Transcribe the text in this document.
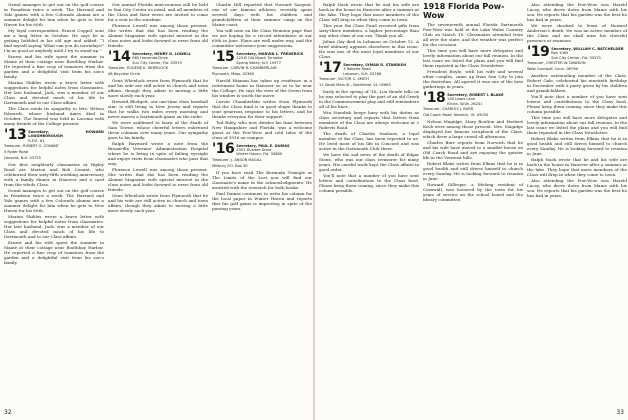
Oswal manages to get out on the golf course in Pasadena twice a week. The Harvard and Yale games with a few Colorado alumni are a summer delight for him when he gets to New Haven for his 60th.

My loyal correspondent, Ernest Coppel, sent me a long letter in October. He says he is getting hobbled in his old age and added: “I find myself saying 'What can you do nowadays?' I'm as good as anybody until I try to stand up.”

Ernest and his wife spent the summer in Maine at their cottage near Boothbay Harbor. He reported a fine crop of tomatoes from the garden and a delightful visit from his son's family.

Marian Shibles wrote a brave letter with suggestions for helpful notes from classmates. Her late husband, Jack, was a member of our Class and devoted much of his life to Dartmouth and to our Class affairs.

The Class sends its sympathy to Mrs. Wilson Edwards, whose husband Ames died in October. The funeral was held in Laconia with many friends of the College present.

'13 Secretary, HOWARD LOUGHBOROUGH
R.F.D. #1

Treasurer, ROBERT O. CONANT

5 Ryder Road

Harvard, N.H. 03755

Our first neighborly classmates at Ripley Road are Marion and Bob Conant, who celebrated their sixty-fifth wedding anniversary with a family dinner in Hanover and a card from the whole Class.

Oswal manages to get out on the golf course in Pasadena twice a week. The Harvard and Yale games with a few Colorado alumni are a summer delight for him when he gets to New Haven for his 60th.

Marian Shibles wrote a brave letter with suggestions for helpful notes from classmates. Her late husband, Jack, was a member of our Class and devoted much of his life to Dartmouth and to our Class affairs.

Ernest and his wife spent the summer in Maine at their cottage near Boothbay Harbor. He reported a fine crop of tomatoes from the garden and a delightful visit from his son's family.

Our annual Florida mini-reunion will be held in Sun City Center as usual, and all members of the Class and their wives are invited to come for a visit in the sunshine.

Florence Lowell was among those present. She writes that she has been reading the Alumni Magazine with special interest in the class notes and looks forward to news from old friends.

'14 Secretary, HENRY G. LOWELL
965 Hacienda Drive
Sun City Center, Fla. 33570

Treasurer, EUGENE K. WHEELOCK

48 Bayview Circle

Gene Wheelock wrote from Plymouth that he and his wife are still active in church and town affairs, though they admit to moving a little more slowly each year.

Howard Blodgett, our one-time class baseball star, is still living in New Jersey and reports that he walks two miles every morning and never misses a Dartmouth game on the radio.

We were saddened to learn of the death of Sam Towne, whose cheerful letters enlivened these columns over many years. Our sympathy goes to his family.

Ralph Hayward wrote a note from the Bronxville Veterans' Administration Hospital where he is living in spite of failing eyesight and enjoys visits from classmates who pass that way.

Florence Lowell was among those present. She writes that she has been reading the Alumni Magazine with special interest in the class notes and looks forward to news from old friends.

Gene Wheelock wrote from Plymouth that he and his wife are still active in church and town affairs, though they admit to moving a little more slowly each year.

Charlie Hill reported that Howard Sargent, one of our famous athletes, recently spent several days with his children and grandchildren at their summer camp on the Maine coast.

You will note on the Class Reunion page that we are hoping for a record attendance at our 65th in June. Plans are well under way, and the committee welcomes your suggestions.

'15 Secretary, MARVIN L. FREDERICK
224-B Old Nyack Turnpike
Spring Valley, N.Y. 10977

Treasurer, CARVIN R. CHAMBERLAIN

Plymouth, Mass. 02360

Harold Hinman has taken up residence in a retirement home in Hanover so as to be near the College. He says the view of the Green from his window is worth the move.

Carvin Chamberlain writes from Plymouth that the Class fund is in good shape thanks to your generous response to his letters, and he thanks everyone for their support.

Ted Riley, who now divides his time between New Hampshire and Florida, was a welcome guest at the Pow-Wow and told tales of the class of 1916 on campus.

'16 Secretary, PAUL E. DUMAS
2001 Dundee Drive
Winter Haven, Fla. 33880

Treasurer, J. ANSON MAGILL

Millbury P.O. Box 30

If you have read The Bermuda Triangle or The Limits of the Lost you will find our classmate's name in the acknowledgments. He assisted with the research for both books.

Paul Dumas continues to write his column for the local paper in Winter Haven and reports that his golf game is improving in spite of the passing years.

32

Ralph Nash wrote that he and his wife are back in the house in Hanover after a summer at the lake. They hope that more members of the Class will drop in when they come to town.

This year the Class Fund received gifts from sixty-three members, a higher percentage than any other class of our era. Thank you all.

Julian Gay died in Lebanon on October 12. A brief obituary appears elsewhere in this issue. He was one of the most loyal members of our Class.

'17 Secretary, LYMAN R. STANDISH
3 Roberts Road
Lebanon, N.H. 03766

Treasurer, VICTOR C. SMITH

11 South Main St., Northfield, Vt. 05663

Early in the spring of '16, Lou Rende tells us he was selected to play the part of an old Greek in the Commencement play and still remembers all of his lines.

Win Standish keeps busy with his duties as class secretary and reports that letters from members of the Class are always welcome at 3 Roberts Road.

The death of Charles Sanborn, a loyal member of the Class, has been reported to us. He lived most of his life in Concord and was active in the Dartmouth Club there.

We have the sad news of the death of Edgar Stone, who was our class treasurer for many years. His careful work kept the Class affairs in good order.

You'll note that a number of you have sent letters and contributions to the Class fund. Please keep them coming, since they make this column possible.

1918 Florida Pow-Wow

The seventeenth annual Florida Dartmouth Pow-Wow was held at the Lake Wales Country Club on March 19. Classmates attended from all over the state, and the weather was perfect for the occasion.

This time you will have more delegates and lovely information about our fall reunion. In the last issue we listed the plans and you will find them repeated in the Class Newsletter.

President Boyle, with his wife and several other couples, came up from Sun City to join the festivities. All agreed it was one of the best gatherings in years.

'18 Secretary, ROBERT I. BLAKE
200 Lowis Lane
Elkins, W.Va. 26241

Treasurer, CHARLES J. BURR

Old Coach Road, Norwich, Vt. 05055

Nelson Magidge, Mary Boulton and Herbert Kesh were among those present. Mrs. Magidge displayed her famous scrapbook of the Class, which drew a large crowd all afternoon.

Charles Burr reports from Norwich that he and his wife have moved to a smaller house on Old Coach Road and are enjoying the quieter life in the Vermont hills.

Robert Blake writes from Elkins that he is in good health and still drives himself to church every Sunday. He is looking forward to reunion in June.

Howard Gillespie, a lifelong resident of Cornwall, was honored by the town for his years of service on the school board and the library committee.

Also attending the Pow-Wow was Harold Lacey, who drove down from Maine with his son. He reports that his garden was the best he has had in years.

We were shocked to learn of Howard Anderson's death. He was an active member of the Class and we shall miss his cheerful presence at reunions.

'19 Secretary, WILLIAM C. BATCHELDER
Box 1065
Sun City Center, Fla. 33570

Treasurer, CHESTER W. DAWSON

West Cornwall, Conn. 06796

Another outstanding member of the Class, Robert Gale, celebrated his ninetieth birthday in December with a party given by his children and grandchildren.

You'll note that a number of you have sent letters and contributions to the Class fund. Please keep them coming, since they make this column possible.

This time you will have more delegates and lovely information about our fall reunion. In the last issue we listed the plans and you will find them repeated in the Class Newsletter.

Robert Blake writes from Elkins that he is in good health and still drives himself to church every Sunday. He is looking forward to reunion in June.

Ralph Nash wrote that he and his wife are back in the house in Hanover after a summer at the lake. They hope that more members of the Class will drop in when they come to town.

Also attending the Pow-Wow was Harold Lacey, who drove down from Maine with his son. He reports that his garden was the best he has had in years.

33
